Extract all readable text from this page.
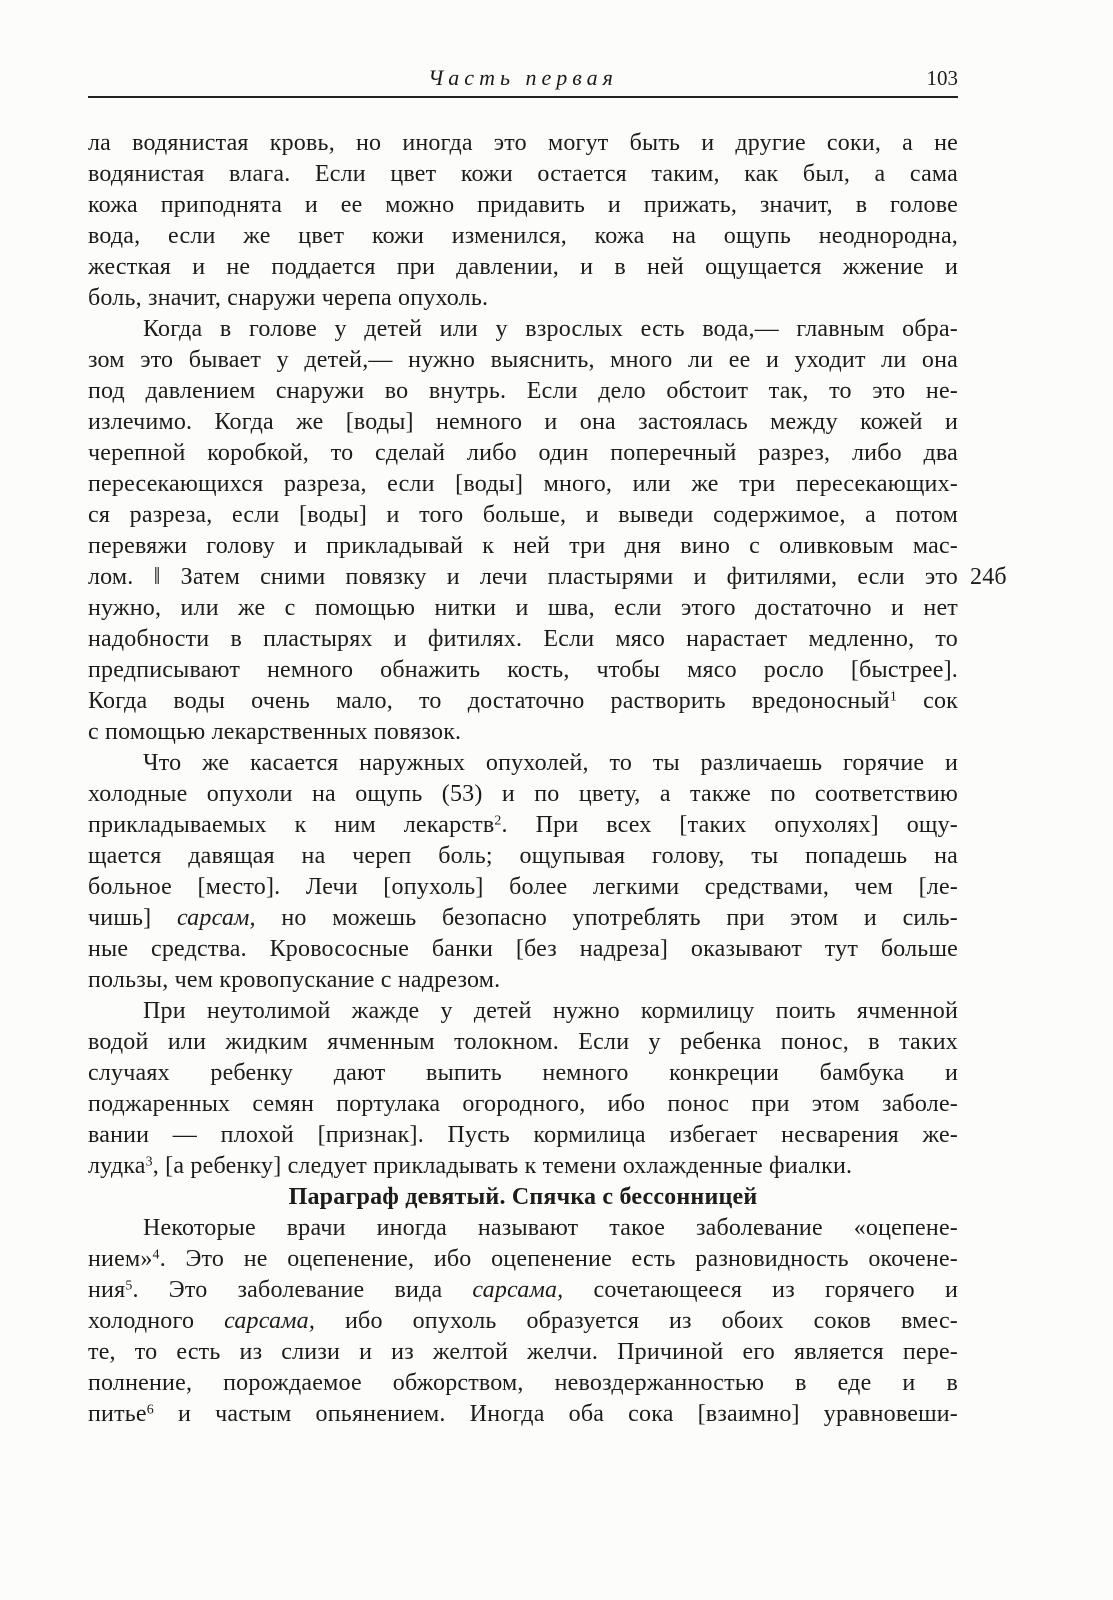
Часть первая	103
ла водянистая кровь, но иногда это могут быть и другие соки, а не
водянистая влага. Если цвет кожи остается таким, как был, а сама
кожа приподнята и ее можно придавить и прижать, значит, в голове
вода, если же цвет кожи изменился, кожа на ощупь неоднородна,
жесткая и не поддается при давлении, и в ней ощущается жжение и
боль, значит, снаружи черепа опухоль.
Когда в голове у детей или у взрослых есть вода,— главным обра-
зом это бывает у детей,— нужно выяснить, много ли ее и уходит ли она
под давлением снаружи во внутрь. Если дело обстоит так, то это не-
излечимо. Когда же [воды] немного и она застоялась между кожей и
черепной коробкой, то сделай либо один поперечный разрез, либо два
пересекающихся разреза, если [воды] много, или же три пересекающих-
ся разреза, если [воды] и того больше, и выведи содержимое, а потом
перевяжи голову и прикладывай к ней три дня вино с оливковым мас-
лом. ‖ Затем сними повязку и лечи пластырями и фитилями, если это 24б
нужно, или же с помощью нитки и шва, если этого достаточно и нет
надобности в пластырях и фитилях. Если мясо нарастает медленно, то
предписывают немного обнажить кость, чтобы мясо росло [быстрее].
Когда воды очень мало, то достаточно растворить вредоносный$^1$ сок
с помощью лекарственных повязок.
Что же касается наружных опухолей, то ты различаешь горячие и
холодные опухоли на ощупь (53) и по цвету, а также по соответствию
прикладываемых к ним лекарств$^2$. При всех [таких опухолях] ощу-
щается давящая на череп боль; ощупывая голову, ты попадешь на
больное [место]. Лечи [опухоль] более легкими средствами, чем [ле-
чишь] сарсам, но можешь безопасно употреблять при этом и силь-
ные средства. Кровососные банки [без надреза] оказывают тут больше
пользы, чем кровопускание с надрезом.
При неутолимой жажде у детей нужно кормилицу поить ячменной
водой или жидким ячменным толокном. Если у ребенка понос, в таких
случаях ребенку дают выпить немного конкреции бамбука и
поджаренных семян портулака огородного, ибо понос при этом заболе-
вании — плохой [признак]. Пусть кормилица избегает несварения же-
лудка$^3$, [а ребенку] следует прикладывать к темени охлажденные фиалки.
Параграф девятый. Спячка с бессонницей
Некоторые врачи иногда называют такое заболевание «оцепене-
нием»$^4$. Это не оцепенение, ибо оцепенение есть разновидность окочене-
ния$^5$. Это заболевание вида сарсама, сочетающееся из горячего и
холодного сарсама, ибо опухоль образуется из обоих соков вмес-
те, то есть из слизи и из желтой желчи. Причиной его является пере-
полнение, порождаемое обжорством, невоздержанностью в еде и в
питье$^6$ и частым опьянением. Иногда оба сока [взаимно] уравновеши-
